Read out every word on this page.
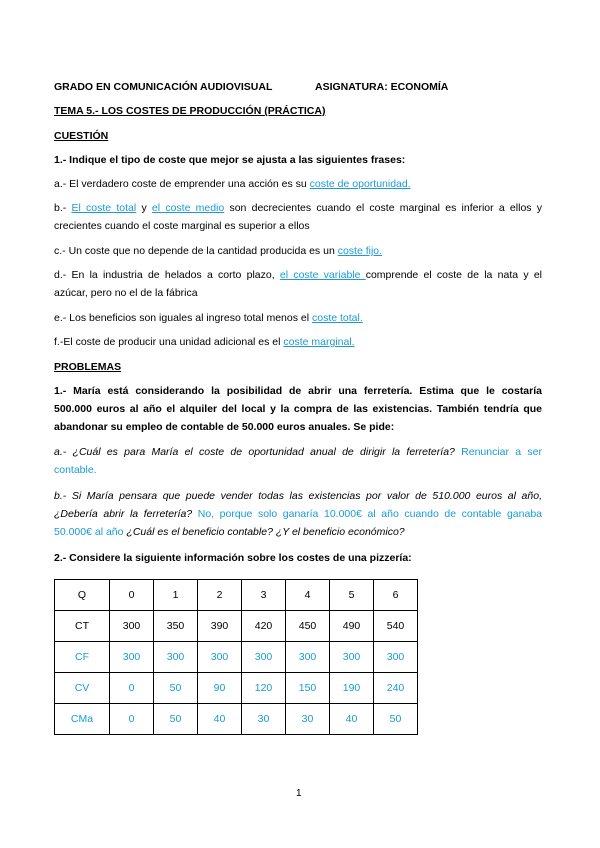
GRADO EN COMUNICACIÓN AUDIOVISUAL	ASIGNATURA: ECONOMÍA
TEMA 5.- LOS COSTES DE PRODUCCIÓN (PRÁCTICA)
CUESTIÓN
1.- Indique el tipo de coste que mejor se ajusta a las siguientes frases:
a.- El verdadero coste de emprender una acción es su coste de oportunidad.
b.- El coste total y el coste medio son decrecientes cuando el coste marginal es inferior a ellos y
crecientes cuando el coste marginal es superior a ellos
c.- Un coste que no depende de la cantidad producida es un coste fijo.
d.- En la industria de helados a corto plazo, el coste variable comprende el coste de la nata y el
azúcar, pero no el de la fábrica
e.- Los beneficios son iguales al ingreso total menos el coste total.
f.-El coste de producir una unidad adicional es el coste marginal.
PROBLEMAS
1.- María está considerando la posibilidad de abrir una ferretería. Estima que le costaría
500.000 euros al año el alquiler del local y la compra de las existencias. También tendría que
abandonar su empleo de contable de 50.000 euros anuales. Se pide:
a.- ¿Cuál es para María el coste de oportunidad anual de dirigir la ferretería? Renunciar a ser
contable.
b.- Si María pensara que puede vender todas las existencias por valor de 510.000 euros al año,
¿Debería abrir la ferretería? No, porque solo ganaría 10.000€ al año cuando de contable ganaba
50.000€ al año ¿Cuál es el beneficio contable? ¿Y el beneficio económico?
2.- Considere la siguiente información sobre los costes de una pizzería:
Q	0	1	2	3	4	5	6
CT	300	350	390	420	450	490	540
CF	300	300	300	300	300	300	300
CV	0	50	90	120	150	190	240
CMa	0	50	40	30	30	40	50
1
